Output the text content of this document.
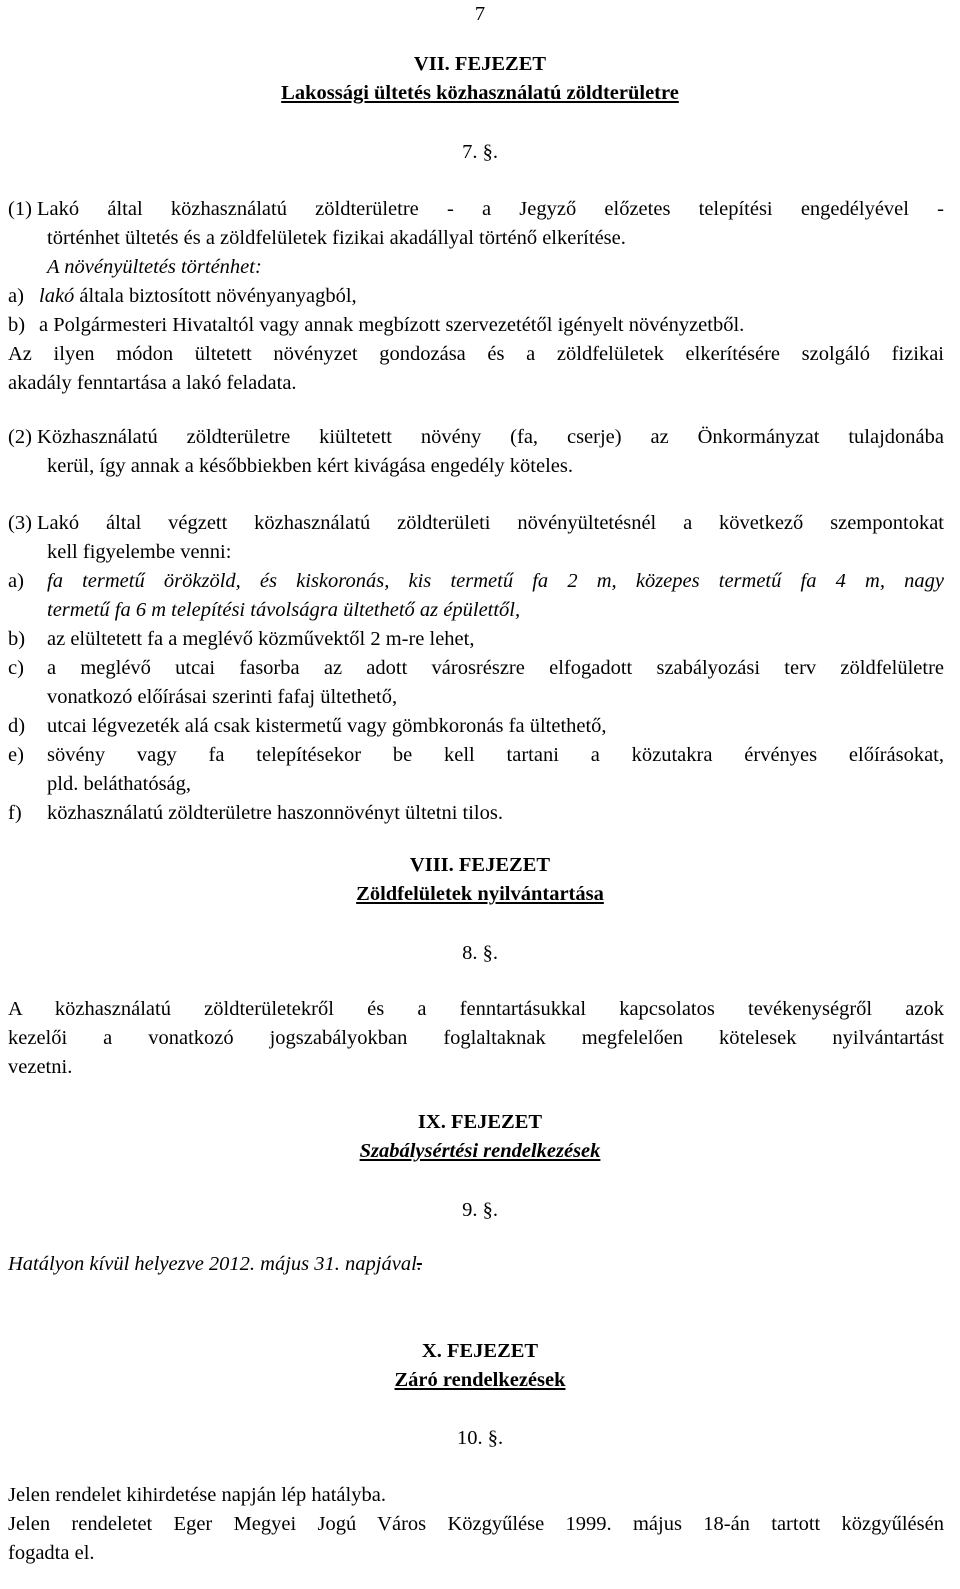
7
VII. FEJEZET
Lakossági ültetés közhasználatú zöldterületre
7. §.
(1) Lakó által közhasználatú zöldterületre - a Jegyző előzetes telepítési engedélyével -
történhet ültetés és a zöldfelületek fizikai akadállyal történő elkerítése.
A növényültetés történhet:
a) lakó általa biztosított növényanyagból,
b) a Polgármesteri Hivataltól vagy annak megbízott szervezetétől igényelt növényzetből.
Az ilyen módon ültetett növényzet gondozása és a zöldfelületek elkerítésére szolgáló fizikai
akadály fenntartása a lakó feladata.
(2) Közhasználatú zöldterületre kiültetett növény (fa, cserje) az Önkormányzat tulajdonába
kerül, így annak a későbbiekben kért kivágása engedély köteles.
(3) Lakó által végzett közhasználatú zöldterületi növényültetésnél a következő szempontokat
kell figyelembe venni:
a)	fa termetű örökzöld, és kiskoronás, kis termetű fa 2 m, közepes termetű fa 4 m, nagy
termetű fa 6 m telepítési távolságra ültethető az épülettől,
b)	az elültetett fa a meglévő közművektől 2 m-re lehet,
c)	a meglévő utcai fasorba az adott városrészre elfogadott szabályozási terv zöldfelületre
vonatkozó előírásai szerinti fafaj ültethető,
d)	utcai légvezeték alá csak kistermetű vagy gömbkoronás fa ültethető,
e)	sövény vagy fa telepítésekor be kell tartani a közutakra érvényes előírásokat,
pld. beláthatóság,
f)	közhasználatú zöldterületre haszonnövényt ültetni tilos.
VIII. FEJEZET
Zöldfelületek nyilvántartása
8. §.
A közhasználatú zöldterületekről és a fenntartásukkal kapcsolatos tevékenységről azok
kezelői a vonatkozó jogszabályokban foglaltaknak megfelelően kötelesek nyilvántartást
vezetni.
IX. FEJEZET
Szabálysértési rendelkezések
9. §.
Hatályon kívül helyezve 2012. május 31. napjával.
X. FEJEZET
Záró rendelkezések
10. §.
Jelen rendelet kihirdetése napján lép hatályba.
Jelen rendeletet Eger Megyei Jogú Város Közgyűlése 1999. május 18-án tartott közgyűlésén
fogadta el.
